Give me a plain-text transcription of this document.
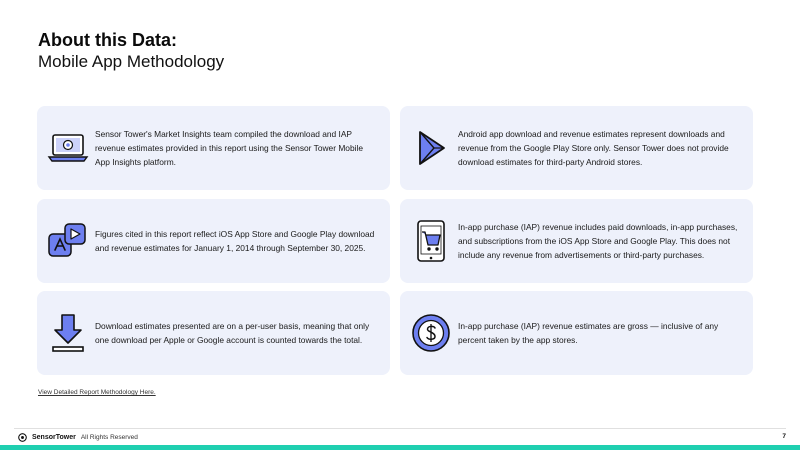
About this Data:
Mobile App Methodology
Sensor Tower's Market Insights team compiled the download and IAP revenue estimates provided in this report using the Sensor Tower Mobile App Insights platform.
Android app download and revenue estimates represent downloads and revenue from the Google Play Store only. Sensor Tower does not provide download estimates for third-party Android stores.
Figures cited in this report reflect iOS App Store and Google Play download and revenue estimates for January 1, 2014 through September 30, 2025.
In-app purchase (IAP) revenue includes paid downloads, in-app purchases, and subscriptions from the iOS App Store and Google Play. This does not include any revenue from advertisements or third-party purchases.
Download estimates presented are on a per-user basis, meaning that only one download per Apple or Google account is counted towards the total.
In-app purchase (IAP) revenue estimates are gross — inclusive of any percent taken by the app stores.
View Detailed Report Methodology Here.
SensorTower All Rights Reserved	7
